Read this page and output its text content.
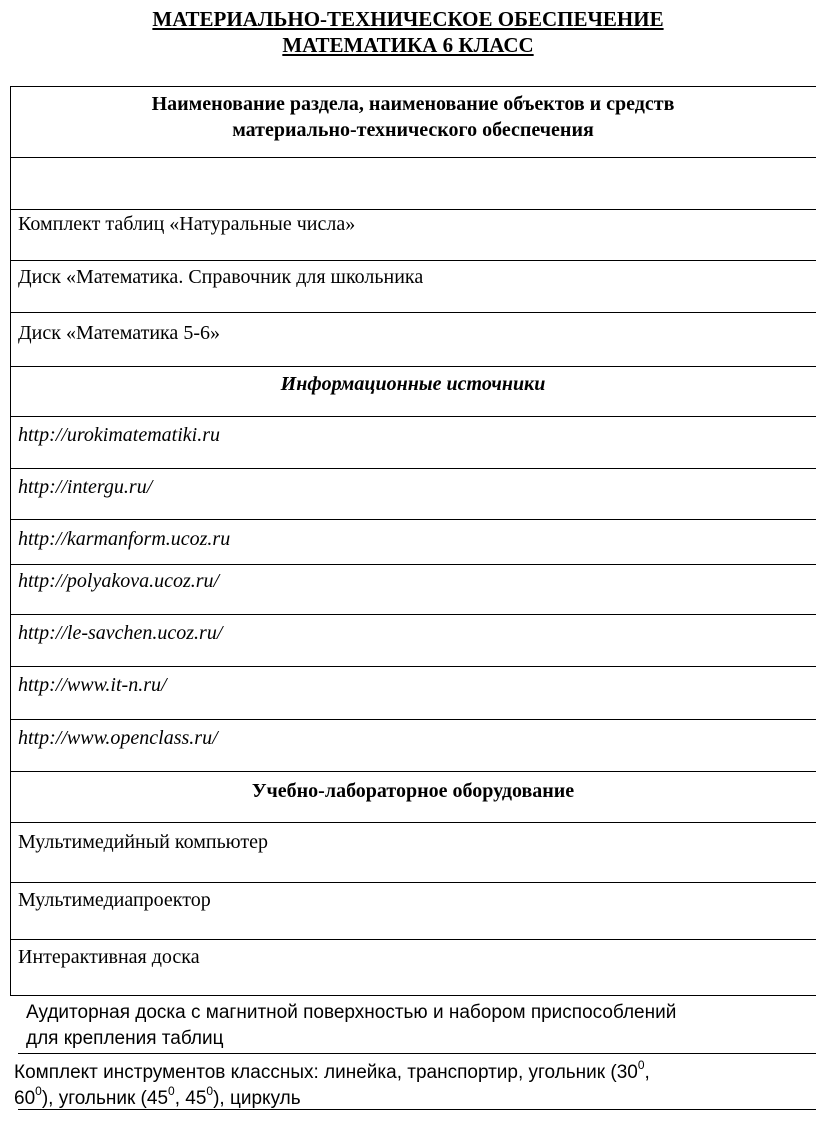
МАТЕРИАЛЬНО-ТЕХНИЧЕСКОЕ ОБЕСПЕЧЕНИЕ
МАТЕМАТИКА 6 КЛАСС
Наименование раздела, наименование объектов и средств
материально-технического обеспечения
Комплект таблиц «Натуральные числа»
Диск «Математика. Справочник для школьника
Диск «Математика 5-6»
Информационные источники
http://urokimatematiki.ru
http://intergu.ru/
http://karmanform.ucoz.ru
http://polyakova.ucoz.ru/
http://le-savchen.ucoz.ru/
http://www.it-n.ru/
http://www.openclass.ru/
Учебно-лабораторное оборудование
Мультимедийный компьютер
Мультимедиапроектор
Интерактивная доска
Аудиторная доска с магнитной поверхностью и набором приспособлений
для крепления таблиц
Комплект инструментов классных: линейка, транспортир, угольник ($30^0$,
$60^0$), угольник ($45^0$, $45^0$), циркуль
